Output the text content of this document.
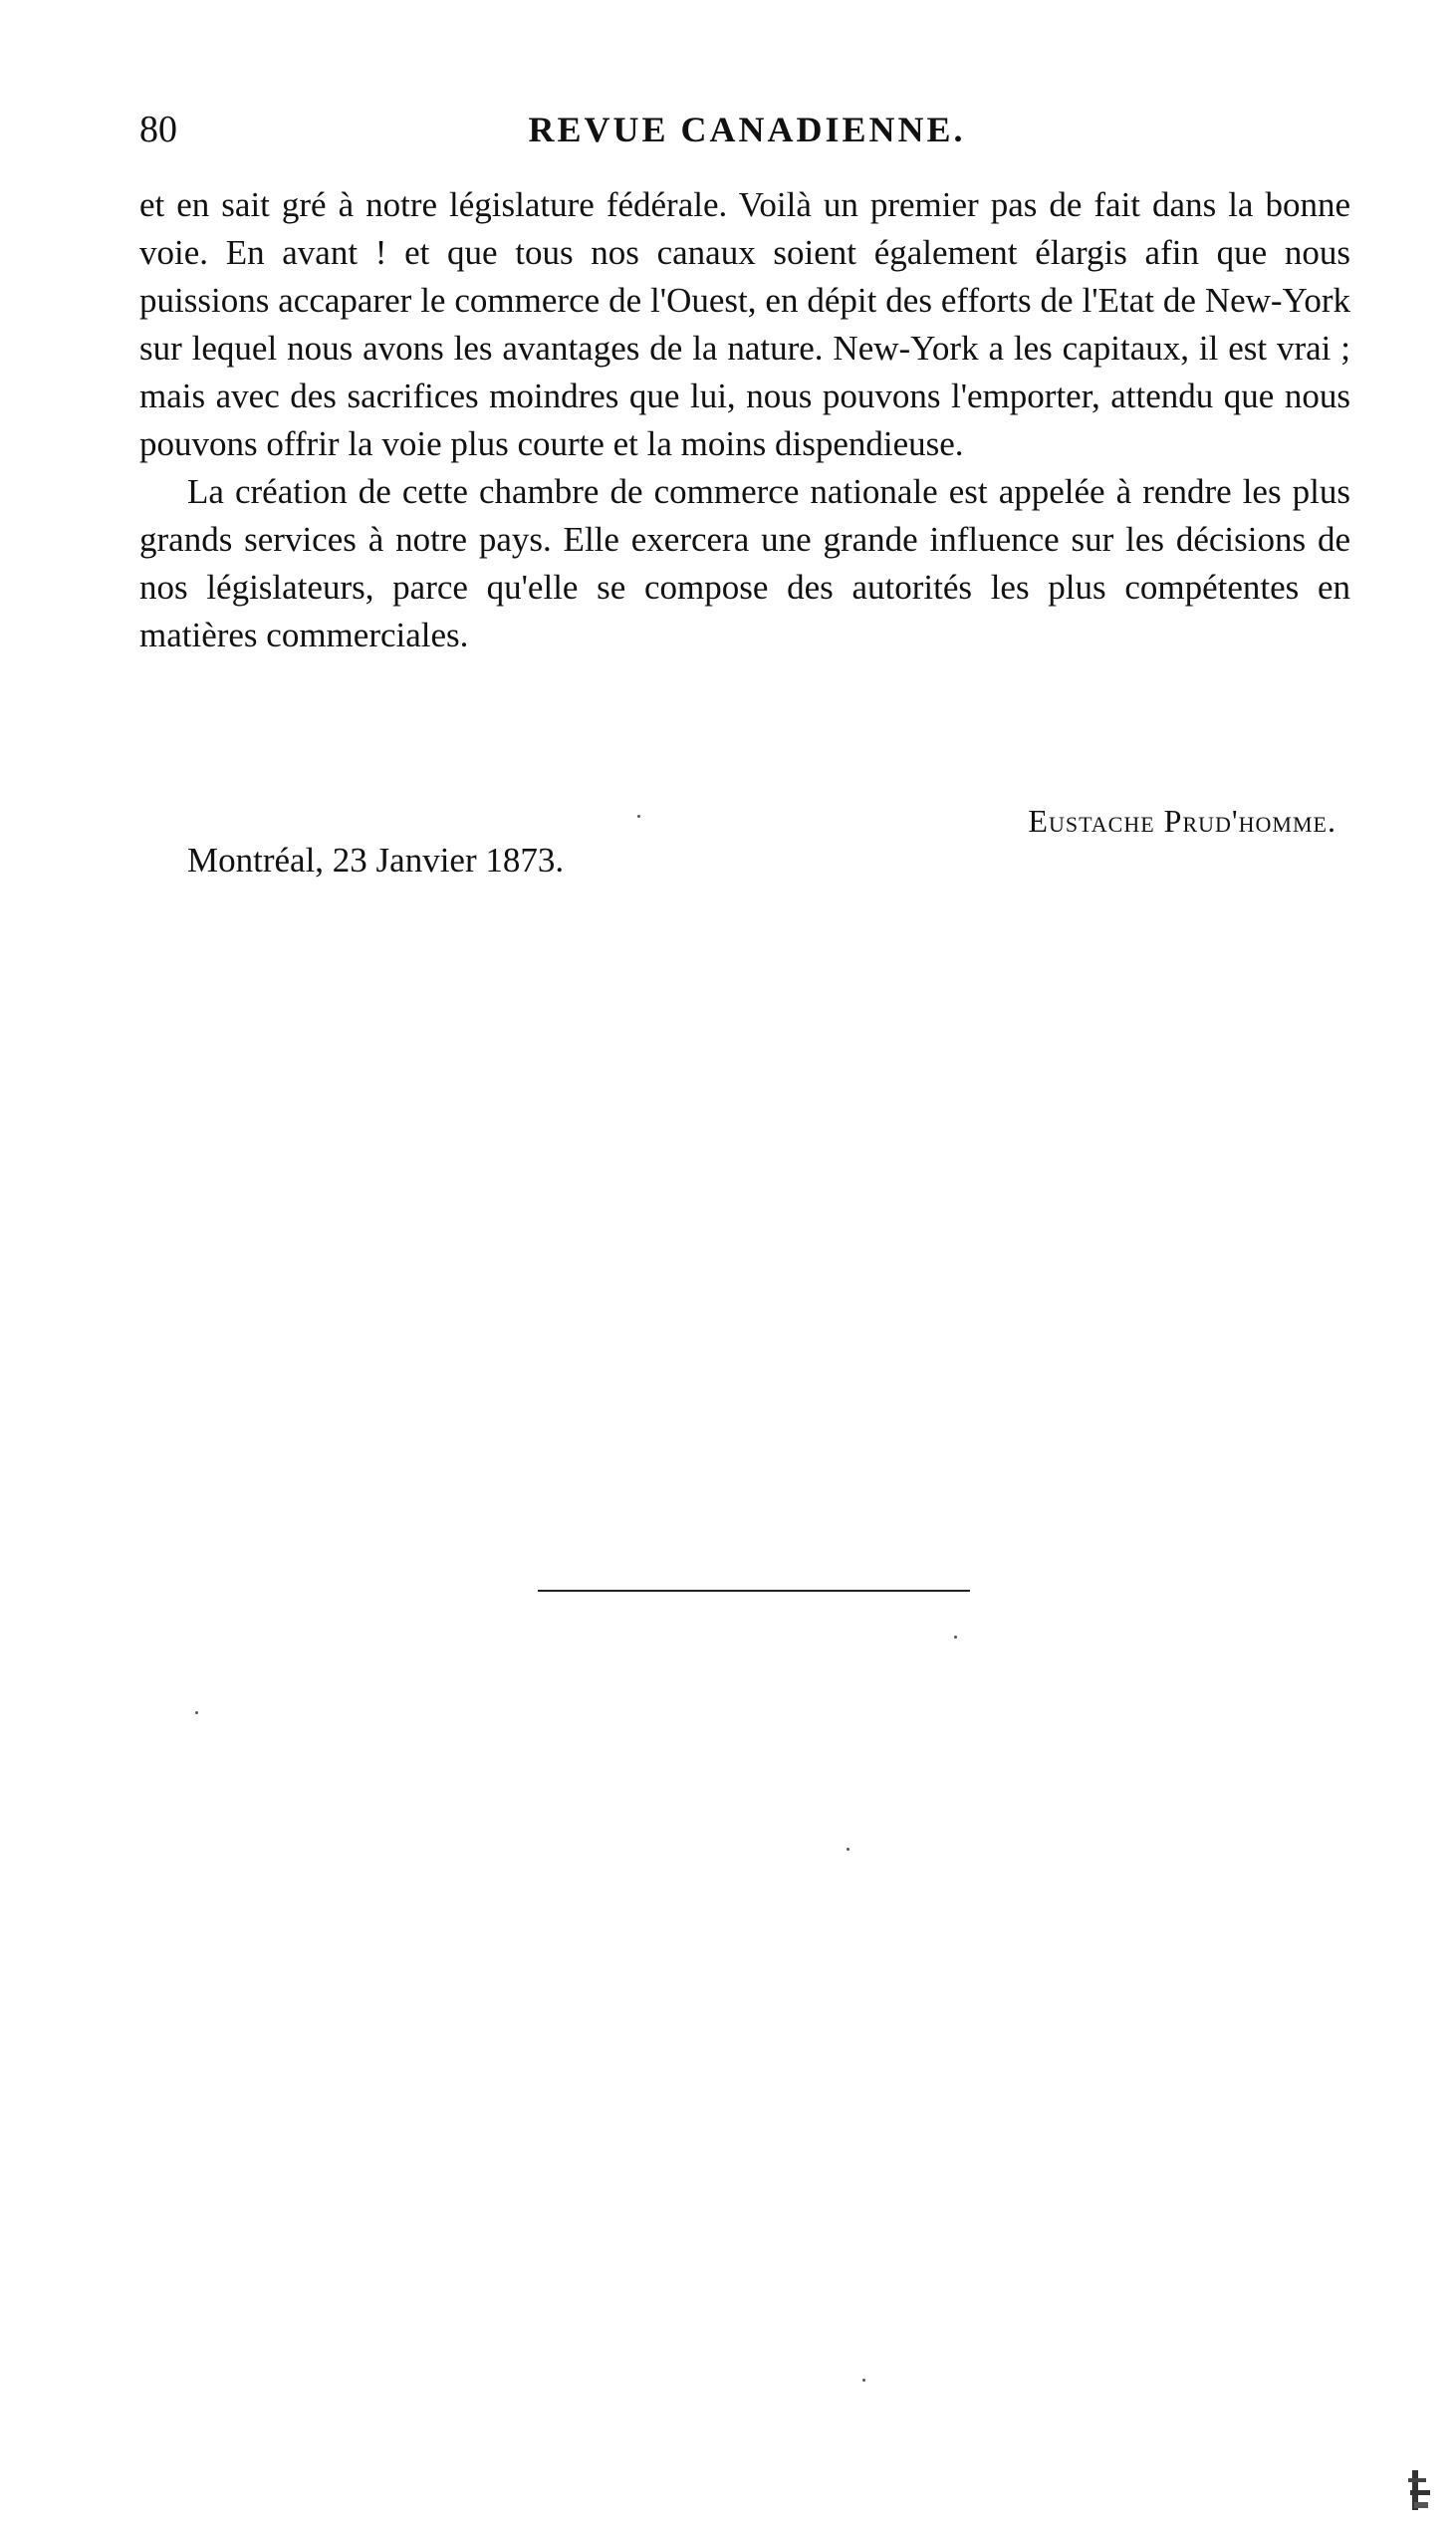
80	REVUE CANADIENNE.

et en sait gré à notre législature fédérale. Voilà un premier pas de fait dans la bonne voie. En avant ! et que tous nos canaux soient également élargis afin que nous puissions accaparer le commerce de l'Ouest, en dépit des efforts de l'Etat de New-York sur lequel nous avons les avantages de la nature. New-York a les capitaux, il est vrai ; mais avec des sacrifices moindres que lui, nous pouvons l'emporter, attendu que nous pouvons offrir la voie plus courte et la moins dispendieuse.

La création de cette chambre de commerce nationale est appelée à rendre les plus grands services à notre pays. Elle exercera une grande influence sur les décisions de nos législateurs, parce qu'elle se compose des autorités les plus compétentes en matières commerciales.

Eustache Prud'homme.
Montréal, 23 Janvier 1873.
